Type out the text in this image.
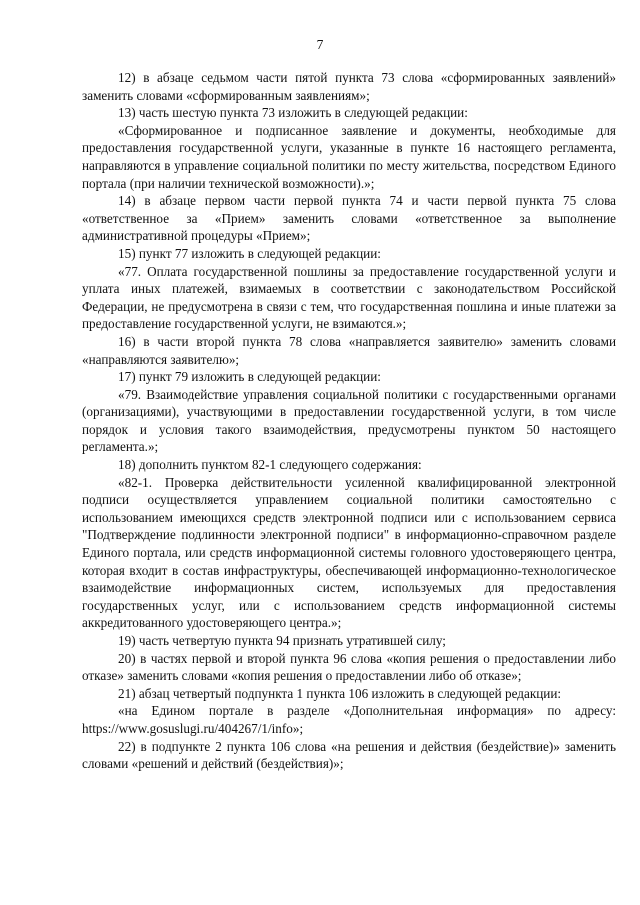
7

12) в абзаце седьмом части пятой пункта 73 слова «сформированных заявлений» заменить словами «сформированным заявлениям»;

13) часть шестую пункта 73 изложить в следующей редакции:

«Сформированное и подписанное заявление и документы, необходимые для предоставления государственной услуги, указанные в пункте 16 настоящего регламента, направляются в управление социальной политики по месту жительства, посредством Единого портала (при наличии технической возможности).»;

14) в абзаце первом части первой пункта 74 и части первой пункта 75 слова «ответственное за «Прием» заменить словами «ответственное за выполнение административной процедуры «Прием»;

15) пункт 77 изложить в следующей редакции:

«77. Оплата государственной пошлины за предоставление государственной услуги и уплата иных платежей, взимаемых в соответствии с законодательством Российской Федерации, не предусмотрена в связи с тем, что государственная пошлина и иные платежи за предоставление государственной услуги, не взимаются.»;

16) в части второй пункта 78 слова «направляется заявителю» заменить словами «направляются заявителю»;

17) пункт 79 изложить в следующей редакции:

«79. Взаимодействие управления социальной политики с государственными органами (организациями), участвующими в предоставлении государственной услуги, в том числе порядок и условия такого взаимодействия, предусмотрены пунктом 50 настоящего регламента.»;

18) дополнить пунктом 82-1 следующего содержания:

«82-1. Проверка действительности усиленной квалифицированной электронной подписи осуществляется управлением социальной политики самостоятельно с использованием имеющихся средств электронной подписи или с использованием сервиса "Подтверждение подлинности электронной подписи" в информационно-справочном разделе Единого портала, или средств информационной системы головного удостоверяющего центра, которая входит в состав инфраструктуры, обеспечивающей информационно-технологическое взаимодействие информационных систем, используемых для предоставления государственных услуг, или с использованием средств информационной системы аккредитованного удостоверяющего центра.»;

19) часть четвертую пункта 94 признать утратившей силу;

20) в частях первой и второй пункта 96 слова «копия решения о предоставлении либо отказе» заменить словами «копия решения о предоставлении либо об отказе»;

21) абзац четвертый подпункта 1 пункта 106 изложить в следующей редакции:

«на Едином портале в разделе «Дополнительная информация» по адресу: https://www.gosuslugi.ru/404267/1/info»;

22) в подпункте 2 пункта 106 слова «на решения и действия (бездействие)» заменить словами «решений и действий (бездействия)»;
